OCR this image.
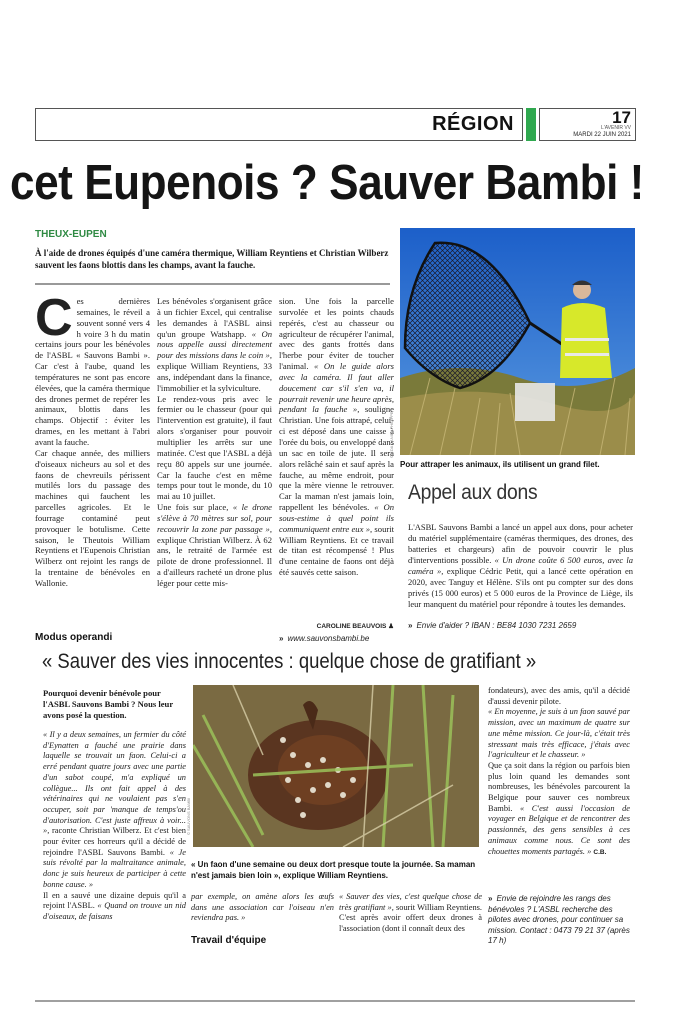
RÉGION	17
L'AVENIR VV
MARDI 22 JUIN 2021
cet Eupenois ? Sauver Bambi !
THEUX-EUPEN
À l'aide de drones équipés d'une caméra thermique, William Reyntiens et Christian Wilberz sauvent les faons blottis dans les champs, avant la fauche.

Ces dernières semaines, le réveil a souvent sonné vers 4 h voire 3 h du matin certains jours pour les bénévoles de l'ASBL « Sauvons Bambi ». Car c'est à l'aube, quand les températures ne sont pas encore élevées, que la caméra thermique des drones permet de repérer les animaux, blottis dans les champs. Objectif : éviter les drames, en les mettant à l'abri avant la fauche.

Car chaque année, des milliers d'oiseaux nicheurs au sol et des faons de chevreuils périssent mutilés lors du passage des machines qui fauchent les parcelles agricoles. Et le fourrage contaminé peut provoquer le botulisme. Cette saison, le Theutois William Reyntiens et l'Eupenois Christian Wilberz ont rejoint les rangs de la trentaine de bénévoles en Wallonie.

Modus operandi

Les bénévoles s'organisent grâce à un fichier Excel, qui centralise les demandes à l'ASBL ainsi qu'un groupe Watshapp. « On nous appelle aussi directement pour des missions dans le coin », explique William Reyntiens, 33 ans, indépendant dans la finance, l'immobilier et la sylviculture.

Le rendez-vous pris avec le fermier ou le chasseur (pour qui l'intervention est gratuite), il faut alors s'organiser pour pouvoir multiplier les arrêts sur une matinée. C'est que l'ASBL a déjà reçu 80 appels sur une journée. Car la fauche c'est en même temps pour tout le monde, du 10 mai au 10 juillet.

Une fois sur place, « le drone s'élève à 70 mètres sur sol, pour recouvrir la zone par passage », explique Christian Wilberz. À 62 ans, le retraité de l'armée est pilote de drone professionnel. Il a d'ailleurs racheté un drone plus léger pour cette mis-

sion. Une fois la parcelle survolée et les points chauds repérés, c'est au chasseur ou agriculteur de récupérer l'animal, avec des gants frottés dans l'herbe pour éviter de toucher l'animal. « On le guide alors avec la caméra. Il faut aller doucement car s'il s'en va, il pourrait revenir une heure après, pendant la fauche », souligne Christian. Une fois attrapé, celui-ci est déposé dans une caisse à l'orée du bois, ou enveloppé dans un sac en toile de jute. Il sera alors relâché sain et sauf après la fauche, au même endroit, pour que la mère vienne le retrouver. Car la maman n'est jamais loin, rappellent les bénévoles. « On sous-estime à quel point ils communiquent entre eux », sourit William Reyntiens. Et ce travail de titan est récompensé ! Plus d'une centaine de faons ont déjà été sauvés cette saison.

CAROLINE BEAUVOIS ♟
» www.sauvonsbambi.be
© EDA DANIEL PHILIPPE
Pour attraper les animaux, ils utilisent un grand filet.
Appel aux dons
L'ASBL Sauvons Bambi a lancé un appel aux dons, pour acheter du matériel supplémentaire (caméras thermiques, des drones, des batteries et chargeurs) afin de pouvoir couvrir le plus d'interventions possible. « Un drone coûte 6 500 euros, avec la caméra », explique Cédric Petit, qui a lancé cette opération en 2020, avec Tanguy et Hélène. S'ils ont pu compter sur des dons privés (15 000 euros) et 5 000 euros de la Province de Liège, ils leur manquent du matériel pour répondre à toutes les demandes.
» Envie d'aider ? IBAN : BE84 1030 7231 2659
« Sauver des vies innocentes : quelque chose de gratifiant »
Pourquoi devenir bénévole pour l'ASBL Sauvons Bambi ? Nous leur avons posé la question.

« Il y a deux semaines, un fermier du côté d'Eynatten a fauché une prairie dans laquelle se trouvait un faon. Celui-ci a erré pendant quatre jours avec une partie d'un sabot coupé, m'a expliqué un collègue... Ils ont fait appel à des vétérinaires qui ne voulaient pas s'en occuper, soit par 'manque de temps'ou d'autorisation. C'est juste affreux à voir... », raconte Christian Wilberz. Et c'est bien pour éviter ces horreurs qu'il a décidé de rejoindre l'ASBL Sauvons Bambi. « Je suis révolté par la maltraitance animale, donc je suis heureux de participer à cette bonne cause. »

Il en a sauvé une dizaine depuis qu'il a rejoint l'ASBL. « Quand on trouve un nid d'oiseaux, de faisans

© SAUVONS BAMBI
« Un faon d'une semaine ou deux dort presque toute la journée. Sa maman n'est jamais bien loin », explique William Reyntiens.

par exemple, on amène alors les œufs dans une association car l'oiseau n'en reviendra pas. »

Travail d'équipe

« Sauver des vies, c'est quelque chose de très gratifiant », sourit William Reyntiens. C'est après avoir offert deux drones à l'association (dont il connaît deux des

fondateurs), avec des amis, qu'il a décidé d'aussi devenir pilote.

« En moyenne, je suis à un faon sauvé par mission, avec un maximum de quatre sur une même mission. Ce jour-là, c'était très stressant mais très efficace, j'étais avec l'agriculteur et le chasseur. »

Que ça soit dans la région ou parfois bien plus loin quand les demandes sont nombreuses, les bénévoles parcourent la Belgique pour sauver ces nombreux Bambi. « C'est aussi l'occasion de voyager en Belgique et de rencontrer des passionnés, des gens sensibles à ces animaux comme nous. Ce sont des chouettes moments partagés. » C.B.

» Envie de rejoindre les rangs des bénévoles ? L'ASBL recherche des pilotes avec drones, pour continuer sa mission. Contact : 0473 79 21 37 (après 17 h)
